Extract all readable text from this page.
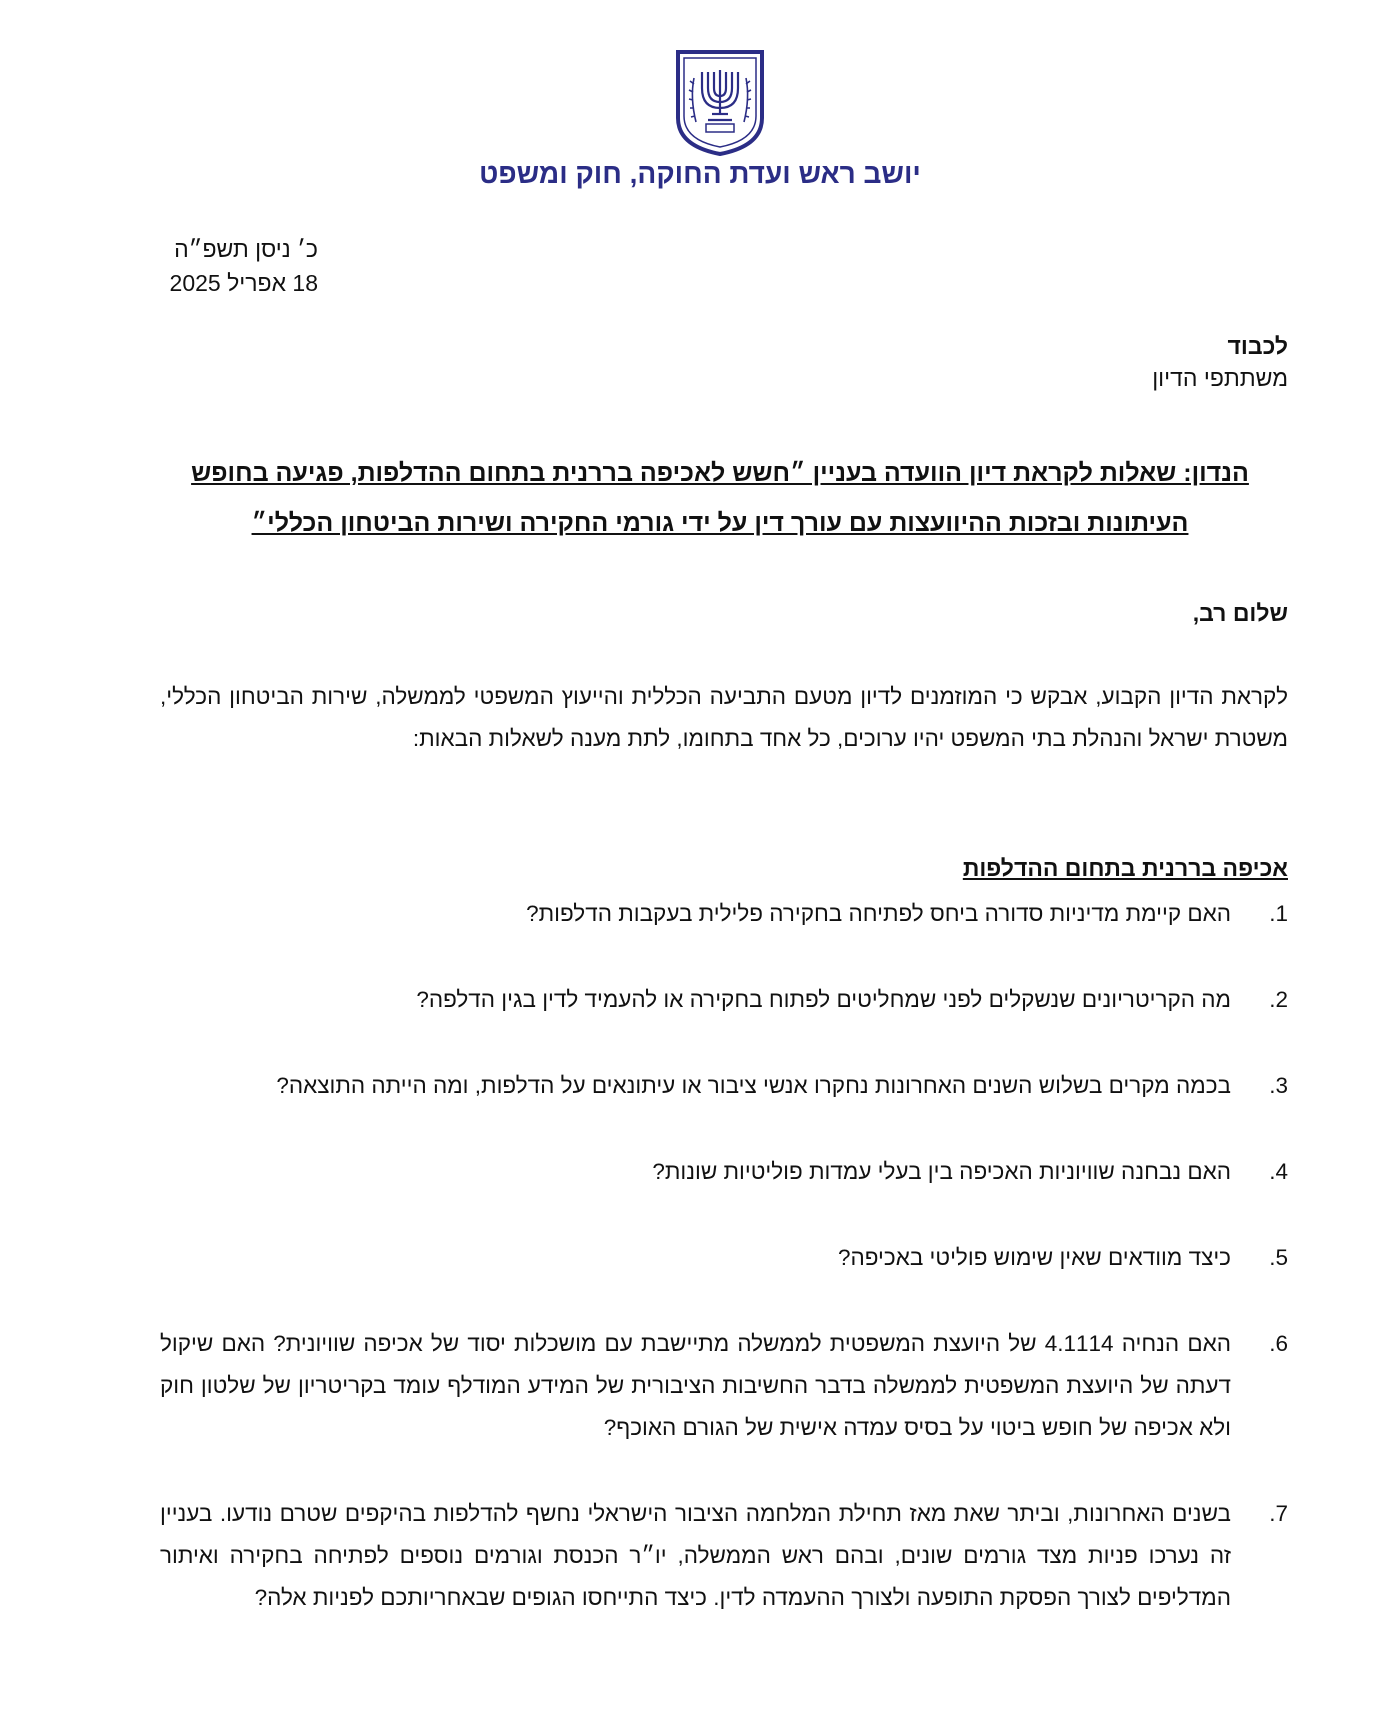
יושב ראש ועדת החוקה, חוק ומשפט
כ׳ ניסן תשפ״ה
18 אפריל 2025
לכבוד
משתתפי הדיון
הנדון: שאלות לקראת דיון הוועדה בעניין ״חשש לאכיפה בררנית בתחום ההדלפות, פגיעה בחופש העיתונות ובזכות ההיוועצות עם עורך דין על ידי גורמי החקירה ושירות הביטחון הכללי״
שלום רב,
לקראת הדיון הקבוע, אבקש כי המוזמנים לדיון מטעם התביעה הכללית והייעוץ המשפטי לממשלה, שירות הביטחון הכללי, משטרת ישראל והנהלת בתי המשפט יהיו ערוכים, כל אחד בתחומו, לתת מענה לשאלות הבאות:
אכיפה בררנית בתחום ההדלפות
1.
האם קיימת מדיניות סדורה ביחס לפתיחה בחקירה פלילית בעקבות הדלפות?
2.
מה הקריטריונים שנשקלים לפני שמחליטים לפתוח בחקירה או להעמיד לדין בגין הדלפה?
3.
בכמה מקרים בשלוש השנים האחרונות נחקרו אנשי ציבור או עיתונאים על הדלפות, ומה הייתה התוצאה?
4.
האם נבחנה שוויוניות האכיפה בין בעלי עמדות פוליטיות שונות?
5.
כיצד מוודאים שאין שימוש פוליטי באכיפה?
6.
האם הנחיה 4.1114 של היועצת המשפטית לממשלה מתיישבת עם מושכלות יסוד של אכיפה שוויונית? האם שיקול דעתה של היועצת המשפטית לממשלה בדבר החשיבות הציבורית של המידע המודלף עומד בקריטריון של שלטון חוק ולא אכיפה של חופש ביטוי על בסיס עמדה אישית של הגורם האוכף?
7.
בשנים האחרונות, וביתר שאת מאז תחילת המלחמה הציבור הישראלי נחשף להדלפות בהיקפים שטרם נודעו. בעניין זה נערכו פניות מצד גורמים שונים, ובהם ראש הממשלה, יו״ר הכנסת וגורמים נוספים לפתיחה בחקירה ואיתור המדליפים לצורך הפסקת התופעה ולצורך ההעמדה לדין. כיצד התייחסו הגופים שבאחריותכם לפניות אלה?
